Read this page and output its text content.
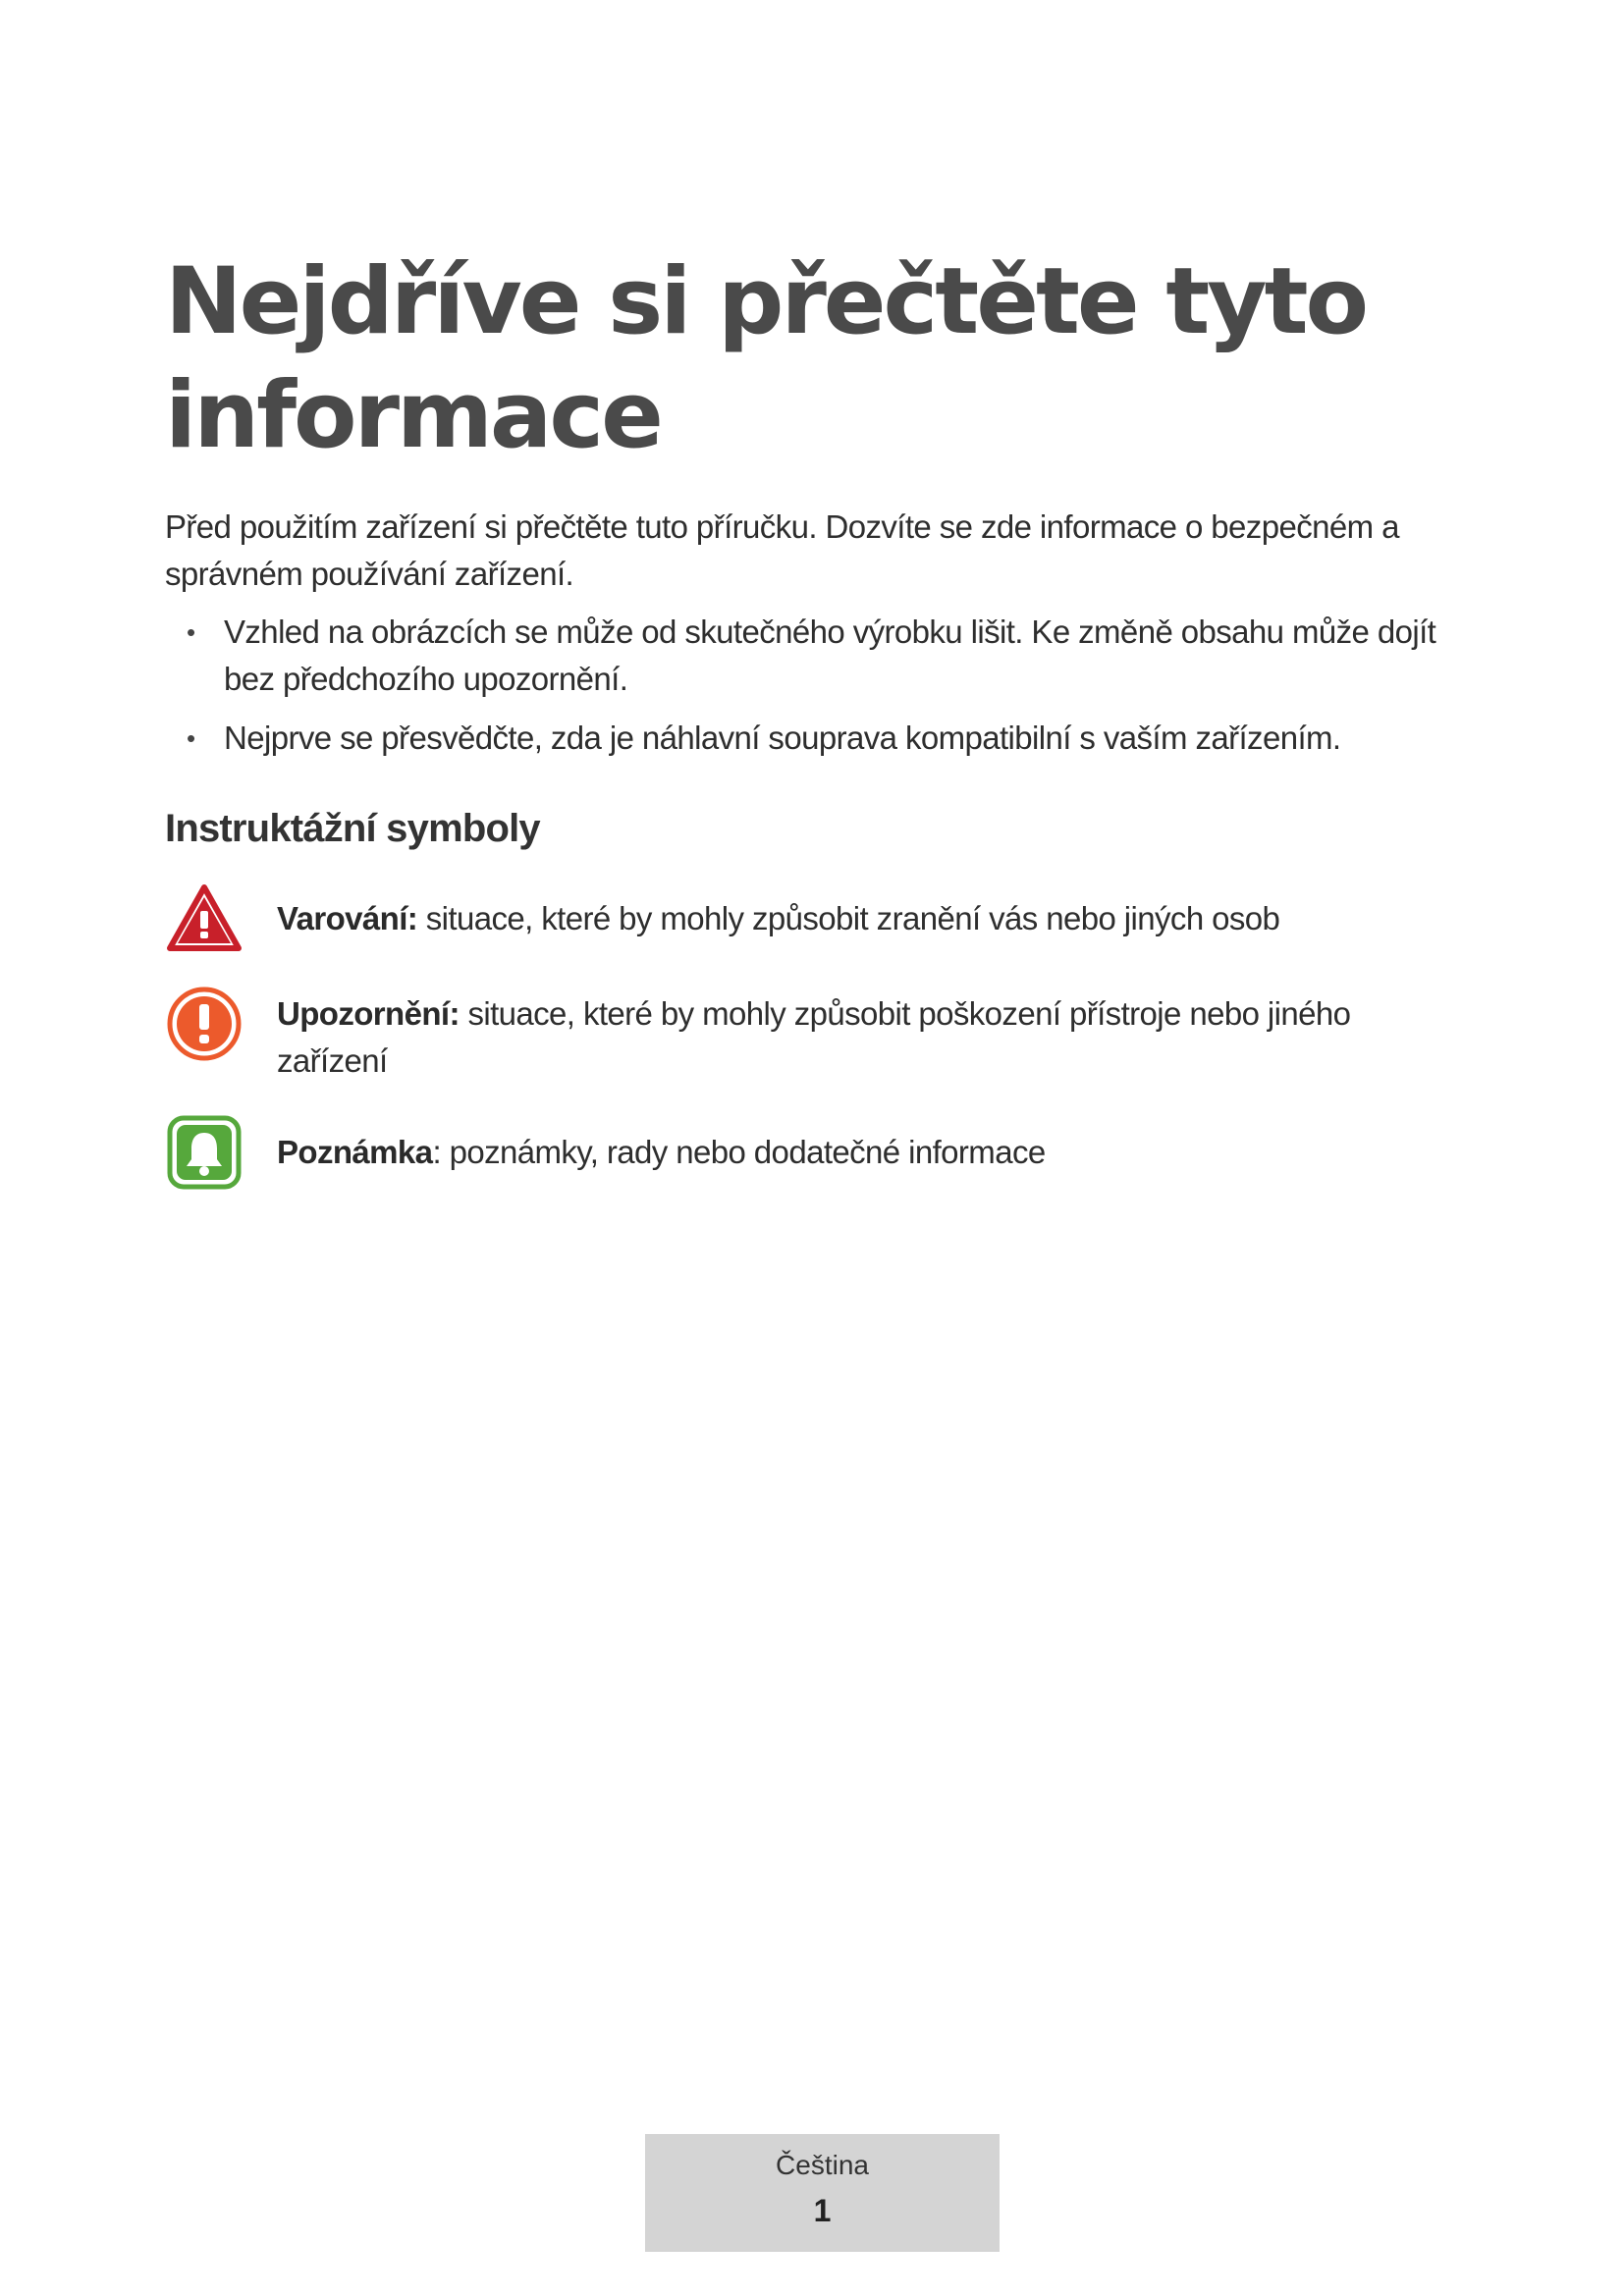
Nejdříve si přečtěte tyto informace

Před použitím zařízení si přečtěte tuto příručku. Dozvíte se zde informace o bezpečném a správném používání zařízení.

• Vzhled na obrázcích se může od skutečného výrobku lišit. Ke změně obsahu může dojít bez předchozího upozornění.
• Nejprve se přesvědčte, zda je náhlavní souprava kompatibilní s vaším zařízením.
Instruktážní symboly
Varování: situace, které by mohly způsobit zranění vás nebo jiných osob
Upozornění: situace, které by mohly způsobit poškození přístroje nebo jiného zařízení
Poznámka: poznámky, rady nebo dodatečné informace
Čeština
1
